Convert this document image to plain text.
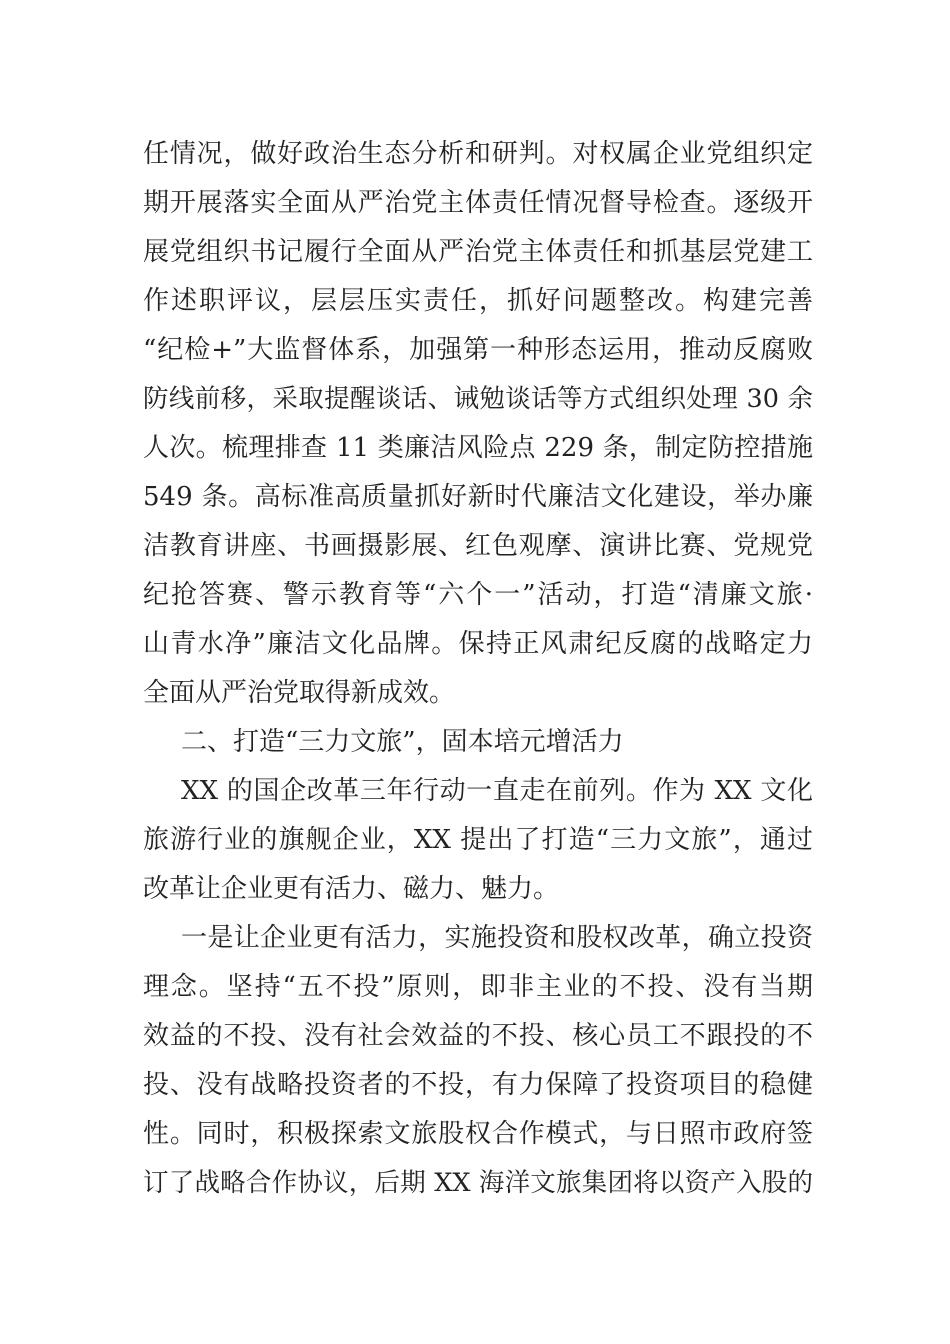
任情况，做好政治生态分析和研判。对权属企业党组织定
期开展落实全面从严治党主体责任情况督导检查。逐级开
展党组织书记履行全面从严治党主体责任和抓基层党建工
作述职评议，层层压实责任，抓好问题整改。构建完善
“纪检+”大监督体系，加强第一种形态运用，推动反腐败
防线前移，采取提醒谈话、诫勉谈话等方式组织处理 30 余
人次。梳理排查 11 类廉洁风险点 229 条，制定防控措施
549 条。高标准高质量抓好新时代廉洁文化建设，举办廉
洁教育讲座、书画摄影展、红色观摩、演讲比赛、党规党
纪抢答赛、警示教育等“六个一”活动，打造“清廉文旅·
山青水净”廉洁文化品牌。保持正风肃纪反腐的战略定力
全面从严治党取得新成效。
二、打造“三力文旅”，固本培元增活力
XX 的国企改革三年行动一直走在前列。作为 XX 文化
旅游行业的旗舰企业，XX 提出了打造“三力文旅”，通过
改革让企业更有活力、磁力、魅力。
一是让企业更有活力，实施投资和股权改革，确立投资
理念。坚持“五不投”原则，即非主业的不投、没有当期
效益的不投、没有社会效益的不投、核心员工不跟投的不
投、没有战略投资者的不投，有力保障了投资项目的稳健
性。同时，积极探索文旅股权合作模式，与日照市政府签
订了战略合作协议，后期 XX 海洋文旅集团将以资产入股的
